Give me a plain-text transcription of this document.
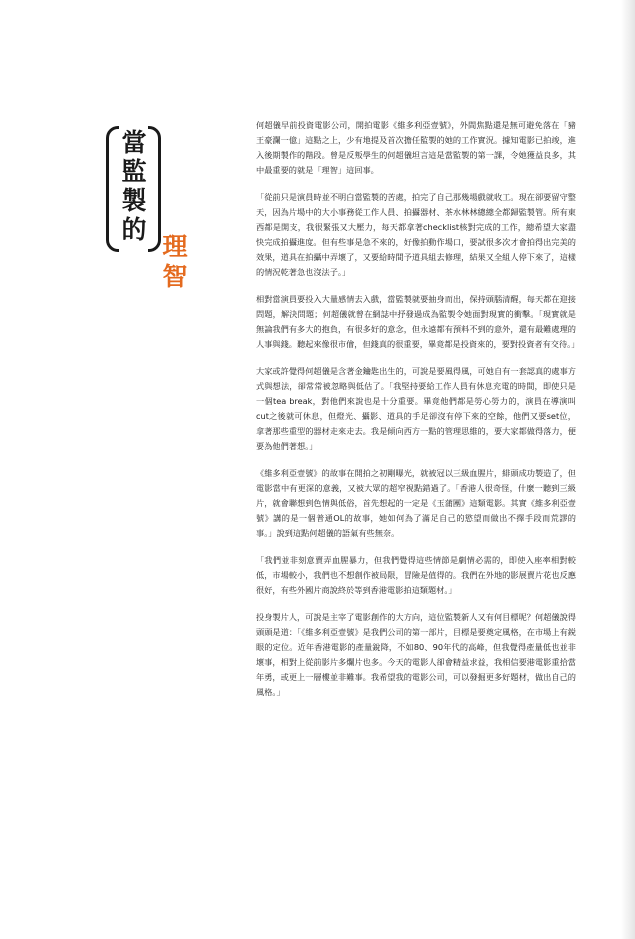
當監製的
理智

何超儀早前投資電影公司，開拍電影《維多利亞壹號》，外間焦點還是無可避免落在「豬王豪瀾一億」這點之上，少有地提及首次擔任監製的她的工作實況。據知電影已拍竣，進入後期製作的階段。曾是反叛學生的何超儀坦言這是當監製的第一課，令她獲益良多，其中最重要的就是「理智」這回事。

「從前只是演員時並不明白當監製的苦處，拍完了自己那幾場戲就收工。現在卻要留守整天，因為片場中的大小事務從工作人員、拍攝器材、茶水林林總總全都歸監製管。所有東西都是開支，我很緊張又大壓力，每天都拿著checklist核對完成的工作，總希望大家盡快完成拍攝進度。但有些事是急不來的，好像拍動作場口，要試很多次才會拍得出完美的效果，道具在拍攝中弄壞了，又要給時間予道具組去修理，結果又全組人停下來了，這樣的情況乾著急也沒法子。」

相對當演員要投入大量感情去入戲，當監製就要抽身而出，保持頭腦清醒，每天都在迎接問題，解決問題；何超儀就曾在網誌中抒發過成為監製令她面對現實的衝擊。「現實就是無論我們有多大的抱負，有很多好的意念，但永遠都有預料不到的意外，還有最難處理的人事與錢。聽起來像很市儈，但錢真的很重要，畢竟都是投資來的，要對投資者有交待。」

大家或許覺得何超儀是含著金鑰匙出生的，可說是要風得風，可她自有一套認真的處事方式與想法，卻常常被忽略與低估了。「我堅持要給工作人員有休息充電的時間，即使只是一個tea break，對他們來說也是十分重要。畢竟他們都是勞心勞力的，演員在導演叫cut之後就可休息，但燈光、攝影、道具的手足卻沒有停下來的空餘，他們又要set位，拿著那些重型的器材走來走去。我是傾向西方一點的管理思維的，要大家都做得落力，便要為他們著想。」

《維多利亞壹號》的故事在開拍之初剛曝光，就被冠以三級血腥片，緋頭成功製造了，但電影當中有更深的意義，又被大眾的超窄視點錯過了。「香港人很奇怪，什麼一聽到三級片，就會聯想到色情與低俗，首先想起的一定是《玉蒲團》這類電影。其實《維多利亞壹號》講的是一個普通OL的故事，她如何為了滿足自己的慾望而做出不擇手段而荒謬的事。」說到這點何超儀的語氣有些無奈。

「我們並非刻意賣弄血腥暴力，但我們覺得這些情節是劇情必需的，即使入座率相對較低，市場較小，我們也不想創作被局限，冒險是值得的。我們在外地的影展賣片花也反應很好，有些外國片商說終於等到香港電影拍這類題材。」

投身製片人，可說是主宰了電影創作的大方向，這位監製新人又有何目標呢？何超儀說得頭頭是道：「《維多利亞壹號》是我們公司的第一部片，目標是要奠定風格，在市場上有鋭眼的定位。近年香港電影的產量銳降，不如80、90年代的高峰，但我覺得產量低也並非壞事，相對上從前影片多爛片也多。今天的電影人卻會精益求益，我相信要港電影重拾當年勇，或更上一層樓並非難事。我希望我的電影公司，可以發掘更多好題材，做出自己的風格。」
